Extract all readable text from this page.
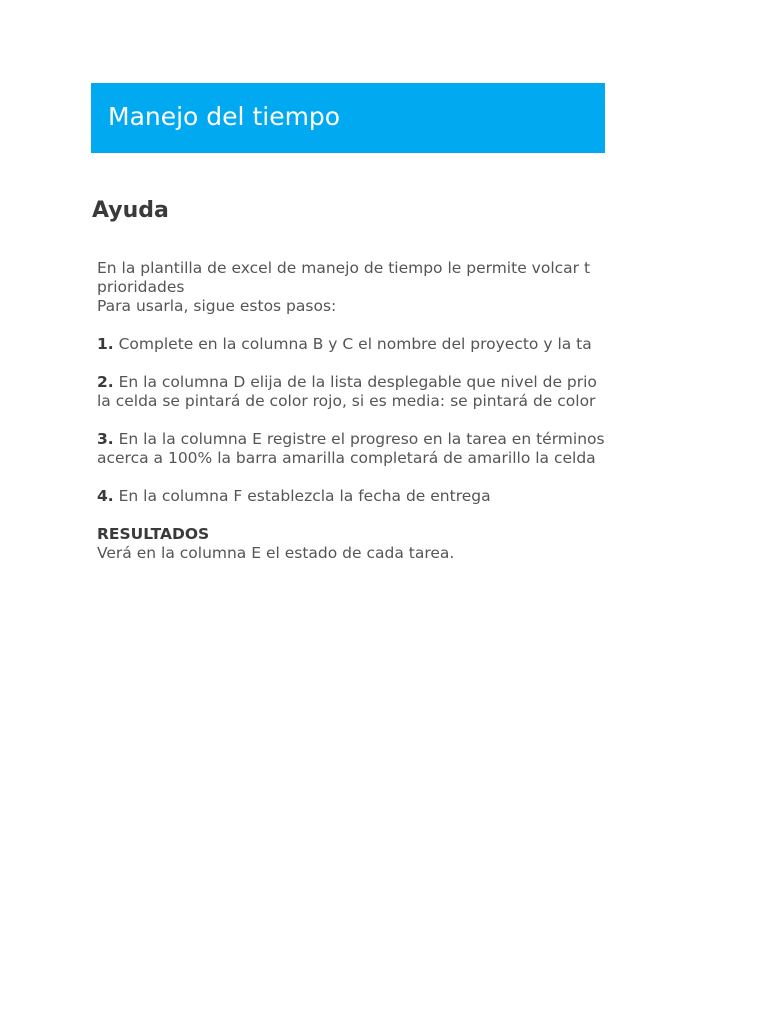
Manejo del tiempo
Ayuda
En la plantilla de excel de manejo de tiempo le permite volcar t
prioridades
Para usarla, sigue estos pasos:
1. Complete en la columna B y C el nombre del proyecto y la ta
2. En la columna D elija de la lista desplegable que nivel de prio
la celda se pintará de color rojo, si es media: se pintará de color
3. En la la columna E registre el progreso en la tarea en términos
acerca a 100% la barra amarilla completará de amarillo la celda
4. En la columna F establezcla la fecha de entrega
RESULTADOS
Verá en la columna E el estado de cada tarea.
